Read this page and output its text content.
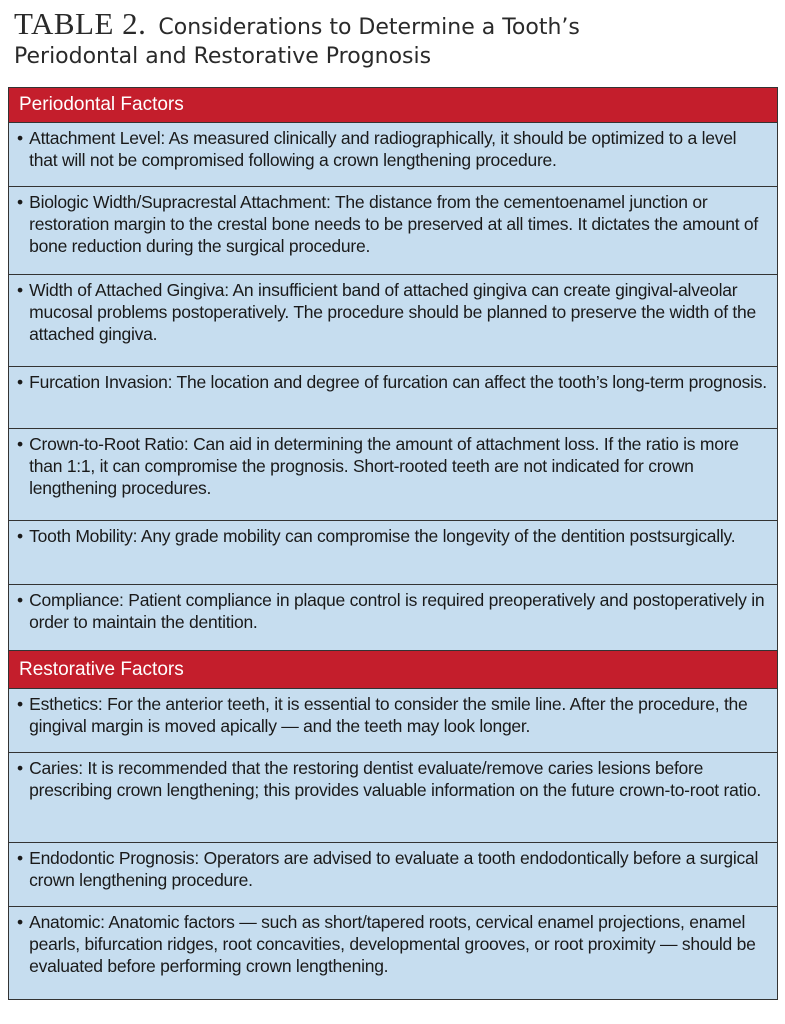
TABLE 2. Considerations to Determine a Tooth’s
Periodontal and Restorative Prognosis
Periodontal Factors
• Attachment Level: As measured clinically and radiographically, it should be optimized to a level that will not be compromised following a crown lengthening procedure.
• Biologic Width/Supracrestal Attachment: The distance from the cementoenamel junction or restoration margin to the crestal bone needs to be preserved at all times. It dictates the amount of bone reduction during the surgical procedure.
• Width of Attached Gingiva: An insufficient band of attached gingiva can create gingival-alveolar mucosal problems postoperatively. The procedure should be planned to preserve the width of the attached gingiva.
• Furcation Invasion: The location and degree of furcation can affect the tooth’s long-term prognosis.
• Crown-to-Root Ratio: Can aid in determining the amount of attachment loss. If the ratio is more than 1:1, it can compromise the prognosis. Short-rooted teeth are not indicated for crown lengthening procedures.
• Tooth Mobility: Any grade mobility can compromise the longevity of the dentition postsurgically.
• Compliance: Patient compliance in plaque control is required preoperatively and postoperatively in order to maintain the dentition.
Restorative Factors
• Esthetics: For the anterior teeth, it is essential to consider the smile line. After the procedure, the gingival margin is moved apically — and the teeth may look longer.
• Caries: It is recommended that the restoring dentist evaluate/remove caries lesions before prescribing crown lengthening; this provides valuable information on the future crown-to-root ratio.
• Endodontic Prognosis: Operators are advised to evaluate a tooth endodontically before a surgical crown lengthening procedure.
• Anatomic: Anatomic factors — such as short/tapered roots, cervical enamel projections, enamel pearls, bifurcation ridges, root concavities, developmental grooves, or root proximity — should be evaluated before performing crown lengthening.
